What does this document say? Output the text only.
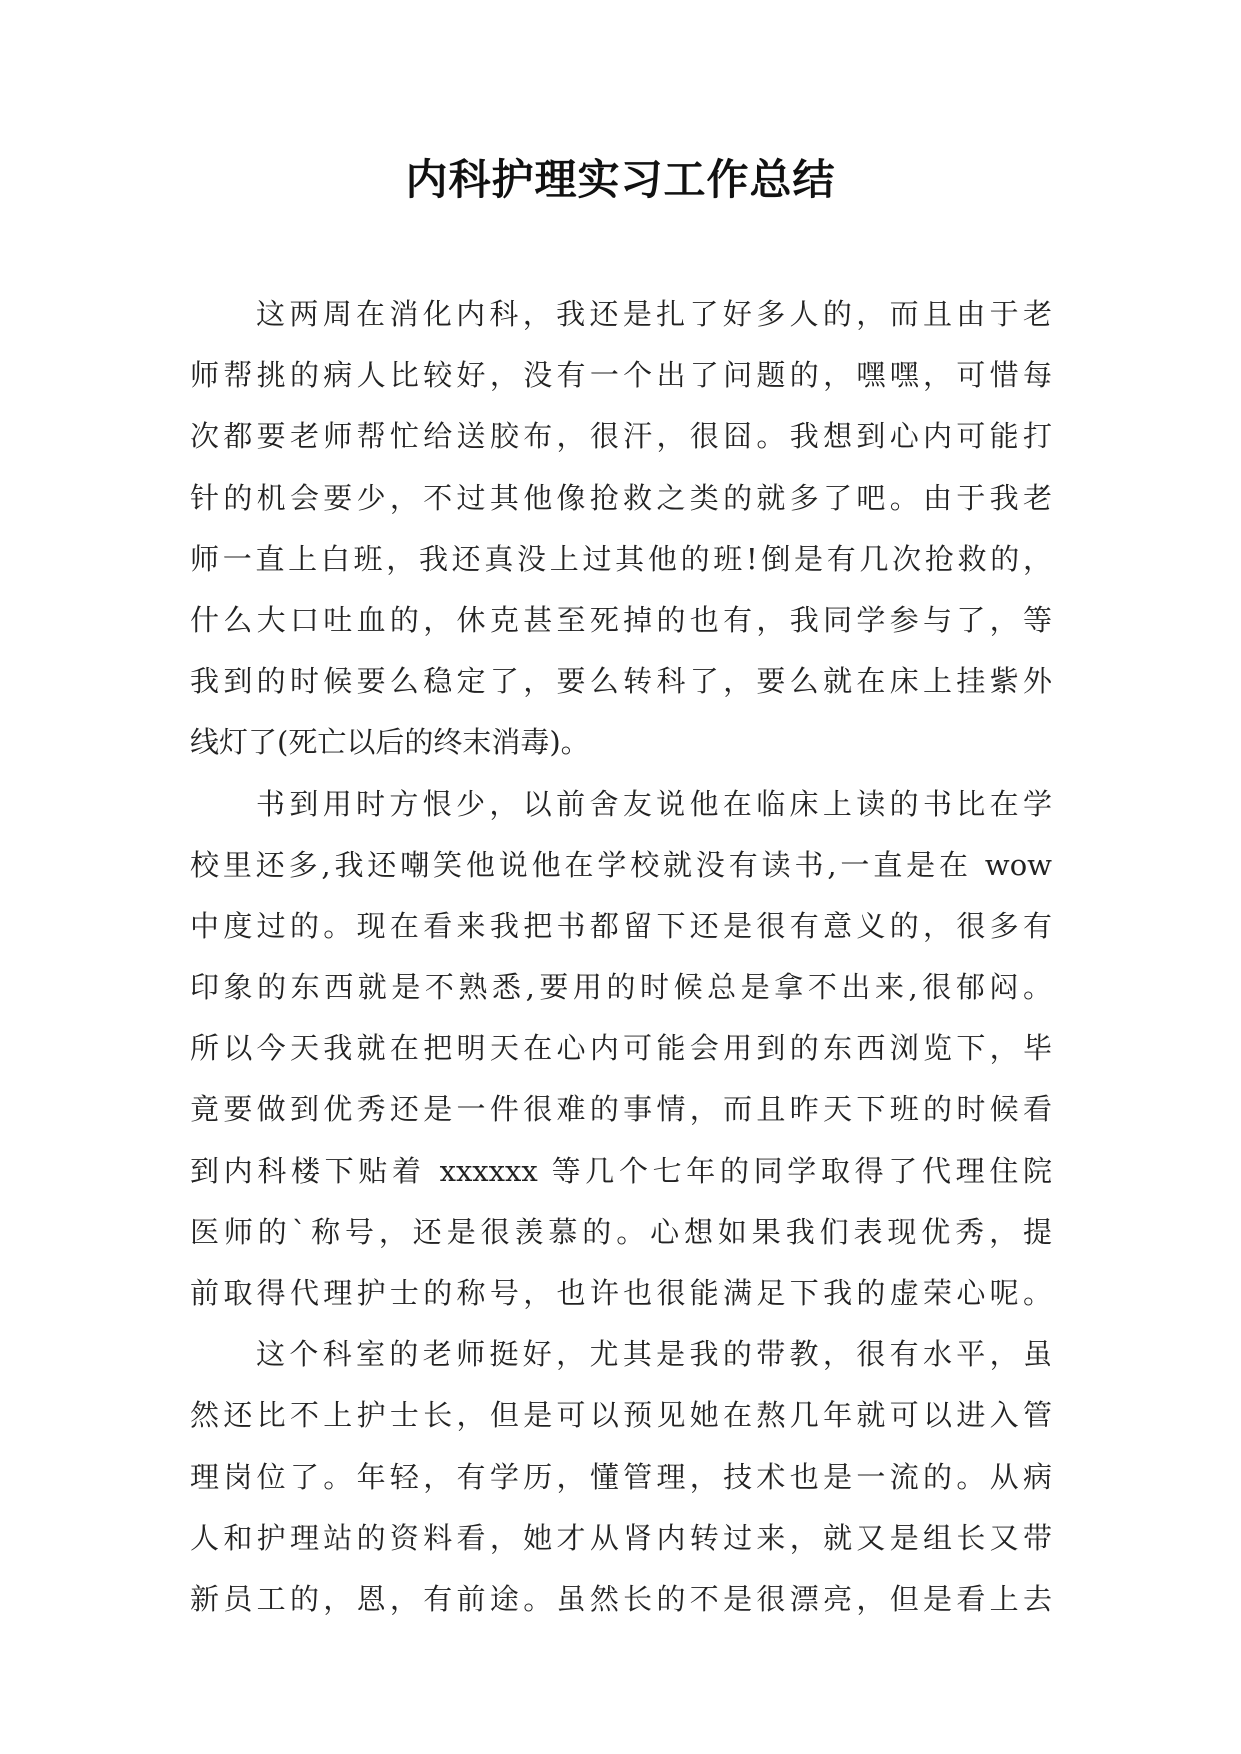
内科护理实习工作总结
这两周在消化内科，我还是扎了好多人的，而且由于老
师帮挑的病人比较好，没有一个出了问题的，嘿嘿，可惜每
次都要老师帮忙给送胶布，很汗，很囧。我想到心内可能打
针的机会要少，不过其他像抢救之类的就多了吧。由于我老
师一直上白班，我还真没上过其他的班!倒是有几次抢救的，
什么大口吐血的，休克甚至死掉的也有，我同学参与了，等
我到的时候要么稳定了，要么转科了，要么就在床上挂紫外
线灯了(死亡以后的终末消毒)。
书到用时方恨少，以前舍友说他在临床上读的书比在学
校里还多,我还嘲笑他说他在学校就没有读书,一直是在 wow
中度过的。现在看来我把书都留下还是很有意义的，很多有
印象的东西就是不熟悉,要用的时候总是拿不出来,很郁闷。
所以今天我就在把明天在心内可能会用到的东西浏览下，毕
竟要做到优秀还是一件很难的事情，而且昨天下班的时候看
到内科楼下贴着 xxxxxx 等几个七年的同学取得了代理住院
医师的`称号，还是很羡慕的。心想如果我们表现优秀，提
前取得代理护士的称号，也许也很能满足下我的虚荣心呢。
这个科室的老师挺好，尤其是我的带教，很有水平，虽
然还比不上护士长，但是可以预见她在熬几年就可以进入管
理岗位了。年轻，有学历，懂管理，技术也是一流的。从病
人和护理站的资料看，她才从肾内转过来，就又是组长又带
新员工的，恩，有前途。虽然长的不是很漂亮，但是看上去
